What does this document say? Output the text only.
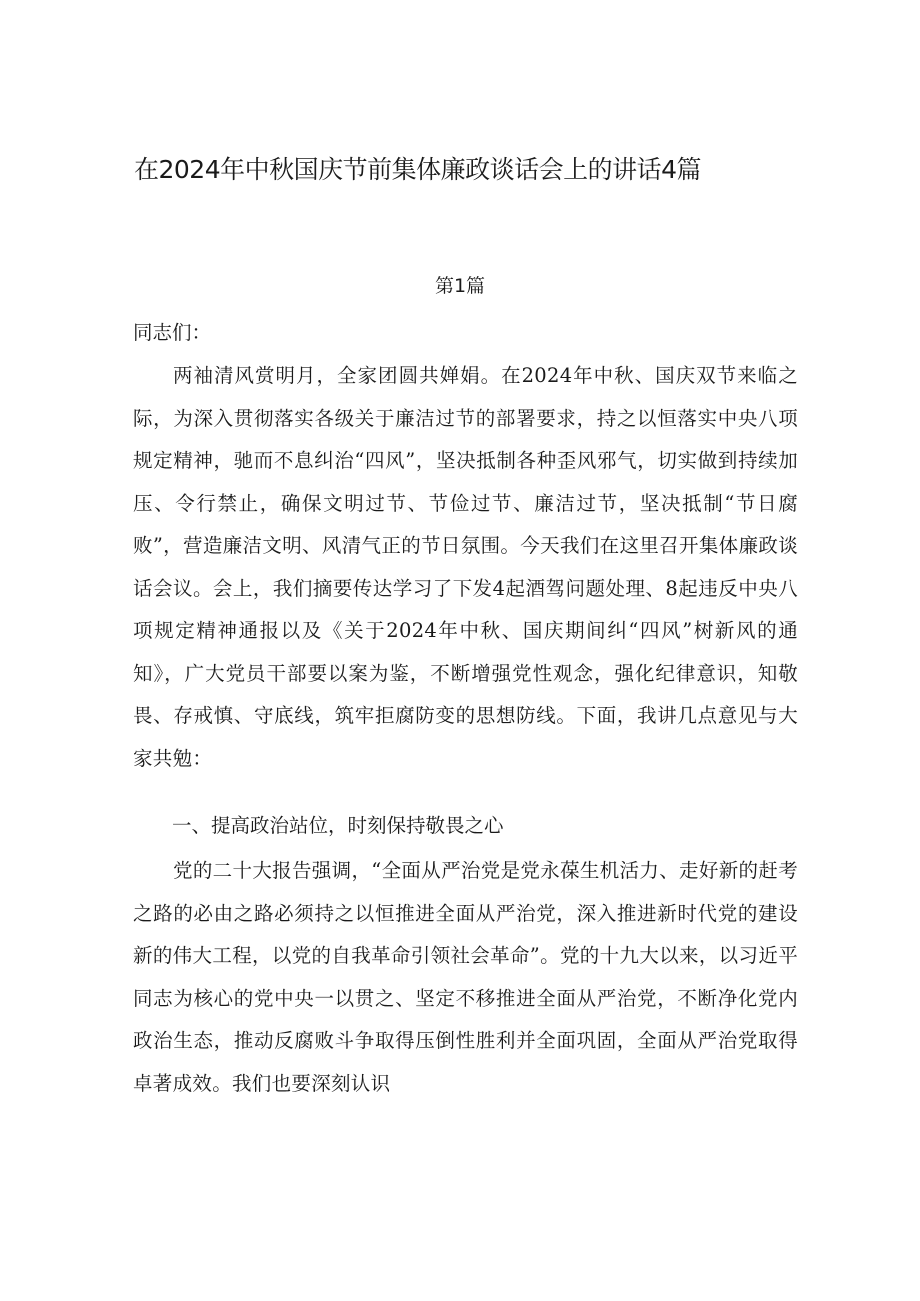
在2024年中秋国庆节前集体廉政谈话会上的讲话4篇
第1篇
同志们：
两袖清风赏明月，全家团圆共婵娟。在2024年中秋、国庆双节来临之际，为深入贯彻落实各级关于廉洁过节的部署要求，持之以恒落实中央八项规定精神，驰而不息纠治“四风”，坚决抵制各种歪风邪气，切实做到持续加压、令行禁止，确保文明过节、节俭过节、廉洁过节，坚决抵制“节日腐败”，营造廉洁文明、风清气正的节日氛围。今天我们在这里召开集体廉政谈话会议。会上，我们摘要传达学习了下发4起酒驾问题处理、8起违反中央八项规定精神通报以及《关于2024年中秋、国庆期间纠“四风”树新风的通知》，广大党员干部要以案为鉴，不断增强党性观念，强化纪律意识，知敬畏、存戒慎、守底线，筑牢拒腐防变的思想防线。下面，我讲几点意见与大家共勉：
一、提高政治站位，时刻保持敬畏之心
党的二十大报告强调，“全面从严治党是党永葆生机活力、走好新的赶考之路的必由之路必须持之以恒推进全面从严治党，深入推进新时代党的建设新的伟大工程，以党的自我革命引领社会革命”。党的十九大以来，以习近平同志为核心的党中央一以贯之、坚定不移推进全面从严治党，不断净化党内政治生态，推动反腐败斗争取得压倒性胜利并全面巩固，全面从严治党取得卓著成效。我们也要深刻认识
